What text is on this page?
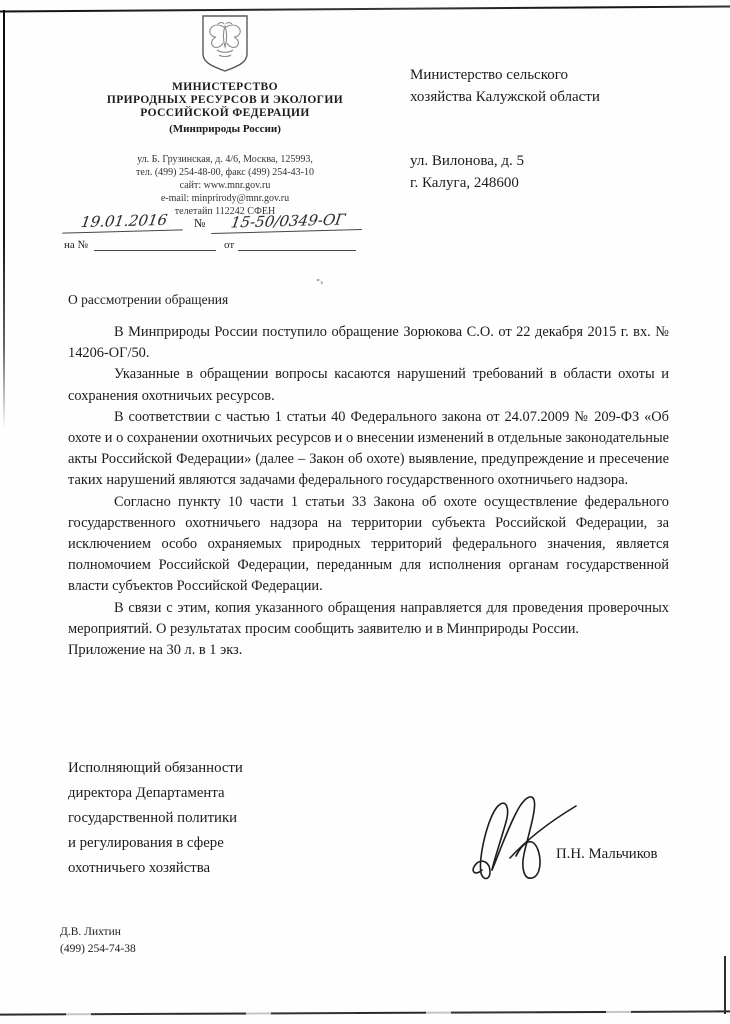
“›
МИНИСТЕРСТВО
ПРИРОДНЫХ РЕСУРСОВ И ЭКОЛОГИИ
РОССИЙСКОЙ ФЕДЕРАЦИИ
(Минприроды России)
ул. Б. Грузинская, д. 4/6, Москва, 125993,
тел. (499) 254-48-00, факс (499) 254-43-10
сайт: www.mnr.gov.ru
e-mail: minprirody@mnr.gov.ru
телетайп 112242 СФЕН
19.01.2016	№	15-50/0349-ОГ
на №	от
Министерство сельского
хозяйства Калужской области
ул. Вилонова, д. 5
г. Калуга, 248600
О рассмотрении обращения

В Минприроды России поступило обращение Зорюкова С.О. от 22 декабря 2015 г. вх. № 14206-ОГ/50.

Указанные в обращении вопросы касаются нарушений требований в области охоты и сохранения охотничьих ресурсов.

В соответствии с частью 1 статьи 40 Федерального закона от 24.07.2009 № 209-ФЗ «Об охоте и о сохранении охотничьих ресурсов и о внесении изменений в отдельные законодательные акты Российской Федерации» (далее – Закон об охоте) выявление, предупреждение и пресечение таких нарушений являются задачами федерального государственного охотничьего надзора.

Согласно пункту 10 части 1 статьи 33 Закона об охоте осуществление федерального государственного охотничьего надзора на территории субъекта Российской Федерации, за исключением особо охраняемых природных территорий федерального значения, является полномочием Российской Федерации, переданным для исполнения органам государственной власти субъектов Российской Федерации.

В связи с этим, копия указанного обращения направляется для проведения проверочных мероприятий. О результатах просим сообщить заявителю и в Минприроды России.

Приложение на 30 л. в 1 экз.

Исполняющий обязанности
директора Департамента
государственной политики
и регулирования в сфере
охотничьего хозяйства
П.Н. Мальчиков
Д.В. Лихтин
(499) 254-74-38
